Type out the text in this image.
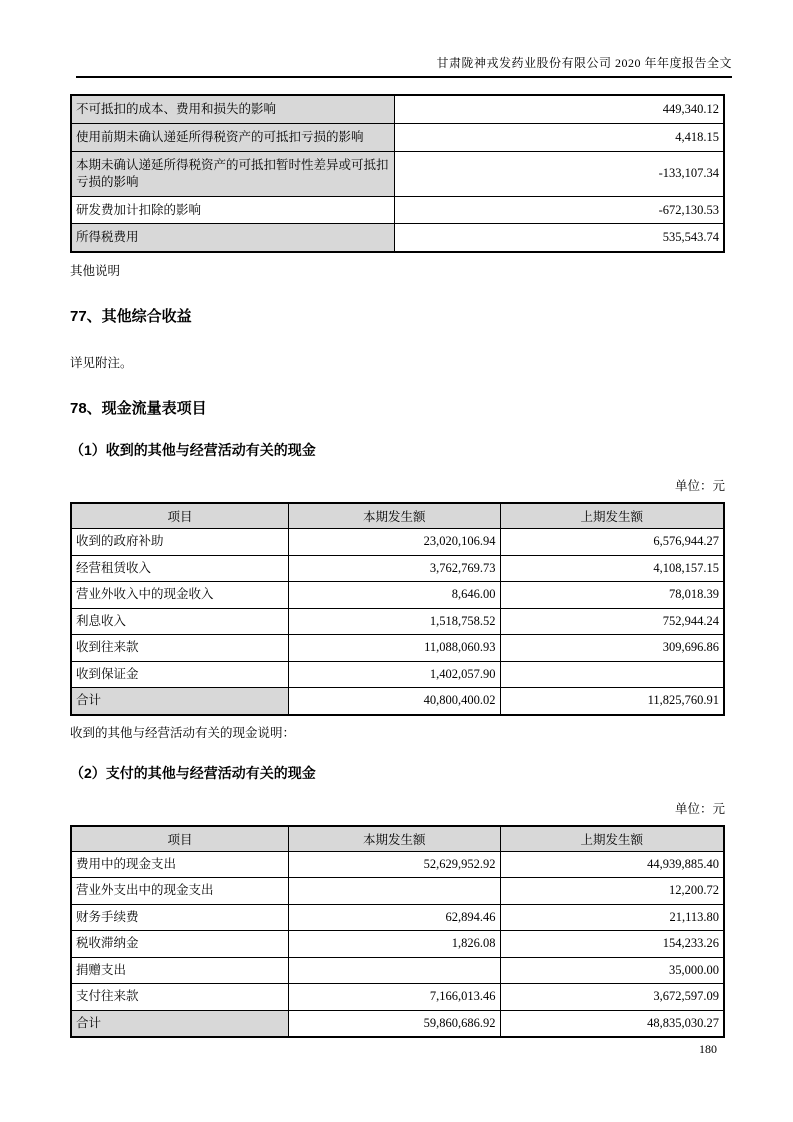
甘肃陇神戎发药业股份有限公司 2020 年年度报告全文
不可抵扣的成本、费用和损失的影响	449,340.12
使用前期未确认递延所得税资产的可抵扣亏损的影响	4,418.15
本期未确认递延所得税资产的可抵扣暂时性差异或可抵扣亏损的影响	-133,107.34
研发费加计扣除的影响	-672,130.53
所得税费用	535,543.74

其他说明

77、其他综合收益

详见附注。

78、现金流量表项目
（1）收到的其他与经营活动有关的现金
单位：元
项目	本期发生额	上期发生额
收到的政府补助	23,020,106.94	6,576,944.27
经营租赁收入	3,762,769.73	4,108,157.15
营业外收入中的现金收入	8,646.00	78,018.39
利息收入	1,518,758.52	752,944.24
收到往来款	11,088,060.93	309,696.86
收到保证金	1,402,057.90	
合计	40,800,400.02	11,825,760.91

收到的其他与经营活动有关的现金说明：

（2）支付的其他与经营活动有关的现金
单位：元
项目	本期发生额	上期发生额
费用中的现金支出	52,629,952.92	44,939,885.40
营业外支出中的现金支出		12,200.72
财务手续费	62,894.46	21,113.80
税收滞纳金	1,826.08	154,233.26
捐赠支出		35,000.00
支付往来款	7,166,013.46	3,672,597.09
合计	59,860,686.92	48,835,030.27
180
